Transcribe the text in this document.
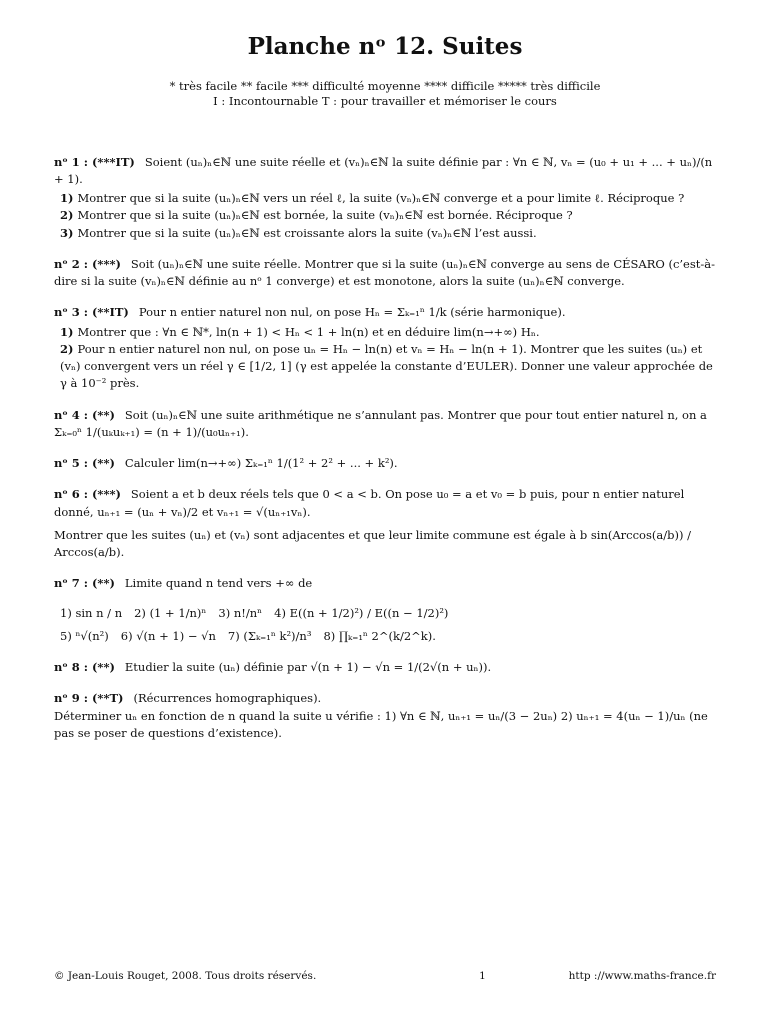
Planche nᵒ 12. Suites
* très facile ** facile *** difficulté moyenne **** difficile ***** très difficile
I : Incontournable T : pour travailler et mémoriser le cours

nᵒ 1 : (***IT) Soient (uₙ)ₙ∈ℕ une suite réelle et (vₙ)ₙ∈ℕ la suite définie par : ∀n ∈ ℕ, vₙ = (u₀ + u₁ + ... + uₙ)/(n + 1).

1) Montrer que si la suite (uₙ)ₙ∈ℕ vers un réel ℓ, la suite (vₙ)ₙ∈ℕ converge et a pour limite ℓ. Réciproque ?
2) Montrer que si la suite (uₙ)ₙ∈ℕ est bornée, la suite (vₙ)ₙ∈ℕ est bornée. Réciproque ?
3) Montrer que si la suite (uₙ)ₙ∈ℕ est croissante alors la suite (vₙ)ₙ∈ℕ l’est aussi.

nᵒ 2 : (***) Soit (uₙ)ₙ∈ℕ une suite réelle. Montrer que si la suite (uₙ)ₙ∈ℕ converge au sens de CÉSARO (c’est-à-dire si la suite (vₙ)ₙ∈ℕ définie au nᵒ 1 converge) et est monotone, alors la suite (uₙ)ₙ∈ℕ converge.

nᵒ 3 : (**IT) Pour n entier naturel non nul, on pose Hₙ = Σₖ₌₁ⁿ 1/k (série harmonique).

1) Montrer que : ∀n ∈ ℕ*, ln(n + 1) < Hₙ < 1 + ln(n) et en déduire lim(n→+∞) Hₙ.
2) Pour n entier naturel non nul, on pose uₙ = Hₙ − ln(n) et vₙ = Hₙ − ln(n + 1). Montrer que les suites (uₙ) et (vₙ) convergent vers un réel γ ∈ [1/2, 1] (γ est appelée la constante d’EULER). Donner une valeur approchée de γ à 10⁻² près.

nᵒ 4 : (**) Soit (uₙ)ₙ∈ℕ une suite arithmétique ne s’annulant pas. Montrer que pour tout entier naturel n, on a Σₖ₌₀ⁿ 1/(uₖuₖ₊₁) = (n + 1)/(u₀uₙ₊₁).

nᵒ 5 : (**) Calculer lim(n→+∞) Σₖ₌₁ⁿ 1/(1² + 2² + ... + k²).

nᵒ 6 : (***) Soient a et b deux réels tels que 0 < a < b. On pose u₀ = a et v₀ = b puis, pour n entier naturel donné, uₙ₊₁ = (uₙ + vₙ)/2 et vₙ₊₁ = √(uₙ₊₁vₙ).

Montrer que les suites (uₙ) et (vₙ) sont adjacentes et que leur limite commune est égale à b sin(Arccos(a/b)) / Arccos(a/b).

nᵒ 7 : (**) Limite quand n tend vers +∞ de

1) sin n / n 2) (1 + 1/n)ⁿ 3) n!/nⁿ 4) E((n + 1/2)²) / E((n − 1/2)²)
5) ⁿ√(n²) 6) √(n + 1) − √n 7) (Σₖ₌₁ⁿ k²)/n³ 8) ∏ₖ₌₁ⁿ 2^(k/2^k).

nᵒ 8 : (**) Etudier la suite (uₙ) définie par √(n + 1) − √n = 1/(2√(n + uₙ)).

nᵒ 9 : (**T) (Récurrences homographiques).

Déterminer uₙ en fonction de n quand la suite u vérifie : 1) ∀n ∈ ℕ, uₙ₊₁ = uₙ/(3 − 2uₙ) 2) uₙ₊₁ = 4(uₙ − 1)/uₙ (ne pas se poser de questions d’existence).

© Jean-Louis Rouget, 2008. Tous droits réservés.	1	http ://www.maths-france.fr
